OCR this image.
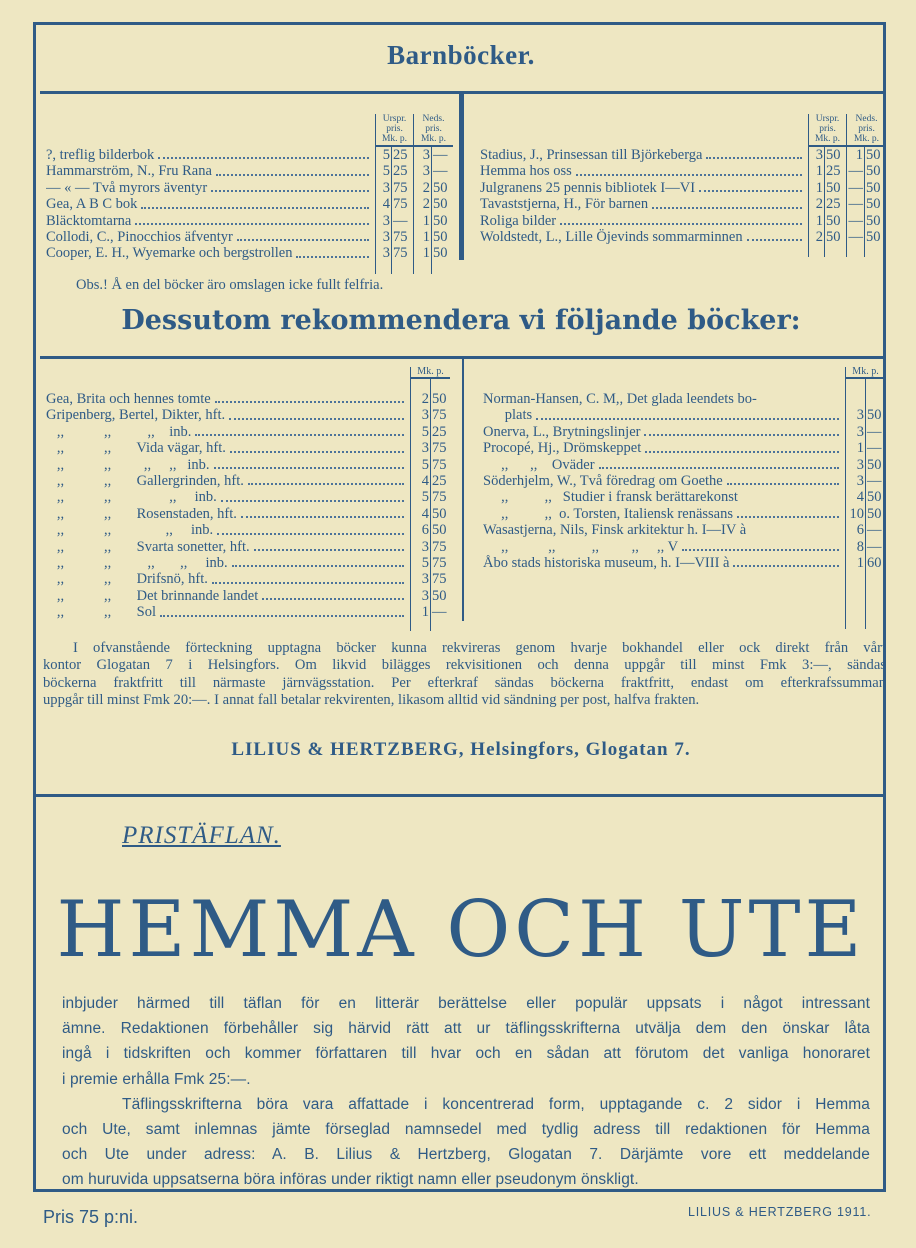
Barnböcker.
Urspr.
pris.
Mk. p.
Neds.
pris.
Mk. p.
?, treflig bilderbok	5 25	3 —
Hammarström, N., Fru Rana	5 25	3 —
— « — Två myrors äventyr	3 75	2 50
Gea, A B C bok	4 75	2 50
Bläcktomtarna	3 —	1 50
Collodi, C., Pinocchios äfventyr	3 75	1 50
Cooper, E. H., Wyemarke och bergstrollen	3 75	1 50
Urspr.
pris.
Mk. p.
Neds.
pris.
Mk. p.
Stadius, J., Prinsessan till Björkeberga	3 50	1 50
Hemma hos oss	1 25 — 50
Julgranens 25 pennis bibliotek I—VI	1 50 — 50
Tavaststjerna, H., För barnen	2 25 — 50
Roliga bilder	1 50 — 50
Woldstedt, L., Lille Öjevinds sommarminnen	2 50 — 50
Obs.! Å en del böcker äro omslagen icke fullt felfria.
Dessutom rekommendera vi följande böcker:
Mk. p.
Gea, Brita och hennes tomte	2 50
Gripenberg, Bertel, Dikter, hft.	3 75
,,           ,,          ,,    inb.	5 25
,,           ,,       Vida vägar, hft.	3 75
,,           ,,         ,,     ,,   inb.	5 75
,,           ,,       Gallergrinden, hft.	4 25
,,           ,,                ,,     inb.	5 75
,,           ,,       Rosenstaden, hft.	4 50
,,           ,,               ,,     inb.	6 50
,,           ,,       Svarta sonetter, hft.	3 75
,,           ,,          ,,       ,,     inb.	5 75
,,           ,,       Drifsnö, hft.	3 75
,,           ,,       Det brinnande landet	3 50
,,           ,,       Sol	1 —
Mk. p.
Norman-Hansen, C. M,, Det glada leendets bo-
plats	3 50
Onerva, L., Brytningslinjer	3 —
Procopé, Hj., Drömskeppet	1 —
,,      ,,    Oväder	3 50
Söderhjelm, W., Två föredrag om Goethe	3 —
,,          ,,   Studier i fransk berättarekonst	4 50
,,          ,,  o. Torsten, Italiensk renässans	10 50
Wasastjerna, Nils, Finsk arkitektur h. I—IV à	6 —
,,           ,,          ,,         ,,     ,, V	8 —
Åbo stads historiska museum, h. I—VIII à	1 60
I ofvanstående förteckning upptagna böcker kunna rekvireras genom hvarje bokhandel eller ock direkt från vårt
kontor Glogatan 7 i Helsingfors. Om likvid bilägges rekvisitionen och denna uppgår till minst Fmk 3:—, sändas
böckerna fraktfritt till närmaste järnvägsstation. Per efterkraf sändas böckerna fraktfritt, endast om efterkrafssumman
uppgår till minst Fmk 20:—. I annat fall betalar rekvirenten, likasom alltid vid sändning per post, halfva frakten.
LILIUS & HERTZBERG, Helsingfors, Glogatan 7.
PRISTÄFLAN.
HEMMA OCH UTE
inbjuder härmed till täflan för en litterär berättelse eller populär uppsats i något intressant
ämne. Redaktionen förbehåller sig härvid rätt att ur täflingsskrifterna utvälja dem den önskar låta
ingå i tidskriften och kommer författaren till hvar och en sådan att förutom det vanliga honoraret
i premie erhålla Fmk 25:—.
Täflingsskrifterna böra vara affattade i koncentrerad form, upptagande c. 2 sidor i Hemma
och Ute, samt inlemnas jämte förseglad namnsedel med tydlig adress till redaktionen för Hemma
och Ute under adress: A. B. Lilius & Hertzberg, Glogatan 7. Därjämte vore ett meddelande
om huruvida uppsatserna böra införas under riktigt namn eller pseudonym önskligt.
Pris 75 p:ni.	LILIUS & HERTZBERG 1911.
